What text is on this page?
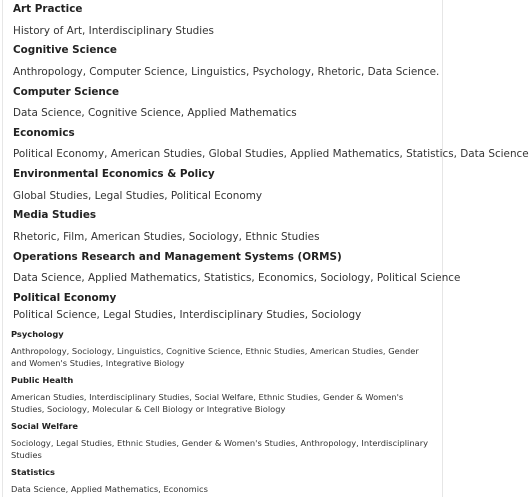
Art Practice
History of Art, Interdisciplinary Studies
Cognitive Science
Anthropology, Computer Science, Linguistics, Psychology, Rhetoric, Data Science.
Computer Science
Data Science, Cognitive Science, Applied Mathematics
Economics
Political Economy, American Studies, Global Studies, Applied Mathematics, Statistics, Data Science
Environmental Economics & Policy
Global Studies, Legal Studies, Political Economy
Media Studies
Rhetoric, Film, American Studies, Sociology, Ethnic Studies
Operations Research and Management Systems (ORMS)
Data Science, Applied Mathematics, Statistics, Economics, Sociology, Political Science
Political Economy
Political Science, Legal Studies, Interdisciplinary Studies, Sociology
Psychology
Anthropology, Sociology, Linguistics, Cognitive Science, Ethnic Studies, American Studies, Gender and Women's Studies, Integrative Biology
Public Health
American Studies, Interdisciplinary Studies, Social Welfare, Ethnic Studies, Gender & Women's Studies, Sociology, Molecular & Cell Biology or Integrative Biology
Social Welfare
Sociology, Legal Studies, Ethnic Studies, Gender & Women's Studies, Anthropology, Interdisciplinary Studies
Statistics
Data Science, Applied Mathematics, Economics
